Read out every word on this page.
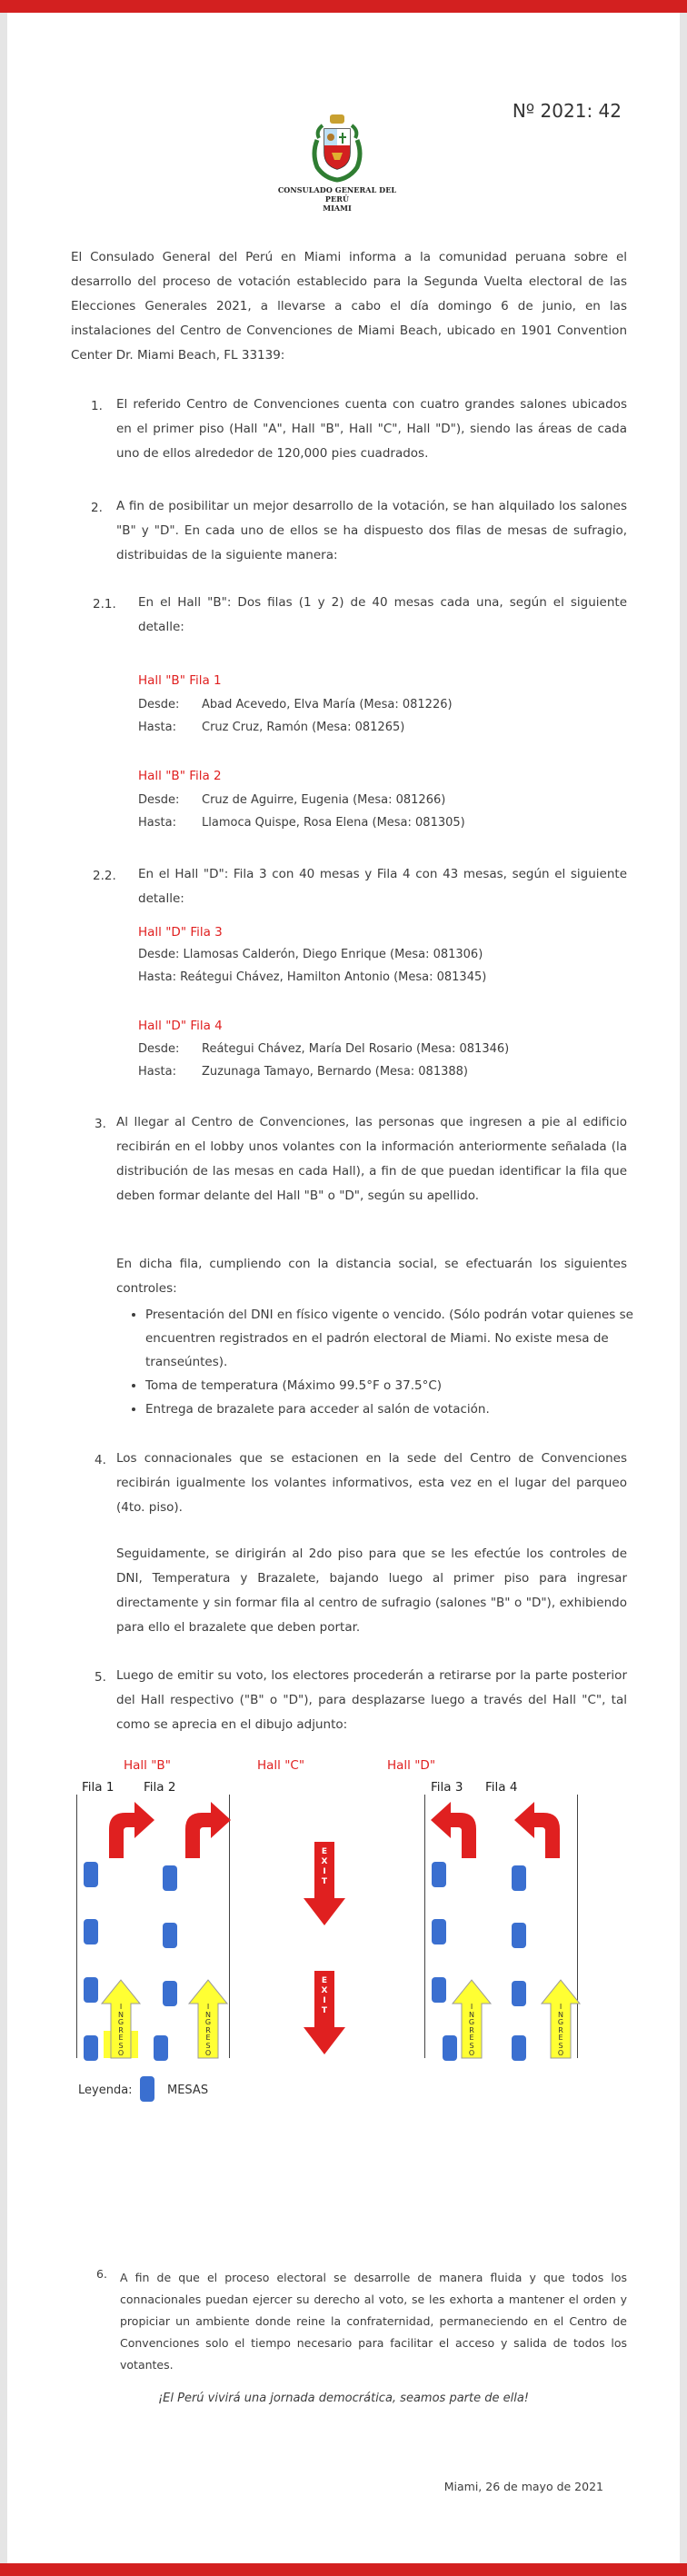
Nº 2021: 42
CONSULADO GENERAL DEL PERÚ
MIAMI
El Consulado General del Perú en Miami informa a la comunidad peruana sobre el desarrollo del proceso de votación establecido para la Segunda Vuelta electoral de las Elecciones Generales 2021, a llevarse a cabo el día domingo 6 de junio, en las instalaciones del Centro de Convenciones de Miami Beach, ubicado en 1901 Convention Center Dr. Miami Beach, FL 33139:
1. El referido Centro de Convenciones cuenta con cuatro grandes salones ubicados en el primer piso (Hall "A", Hall "B", Hall "C", Hall "D"), siendo las áreas de cada uno de ellos alrededor de 120,000 pies cuadrados.
2. A fin de posibilitar un mejor desarrollo de la votación, se han alquilado los salones "B" y "D". En cada uno de ellos se ha dispuesto dos filas de mesas de sufragio, distribuidas de la siguiente manera:
2.1. En el Hall "B": Dos filas (1 y 2) de 40 mesas cada una, según el siguiente detalle:
Hall "B" Fila 1
Desde: Abad Acevedo, Elva María (Mesa: 081226)
Hasta: Cruz Cruz, Ramón (Mesa: 081265)
Hall "B" Fila 2
Desde: Cruz de Aguirre, Eugenia (Mesa: 081266)
Hasta: Llamoca Quispe, Rosa Elena (Mesa: 081305)
2.2. En el Hall "D": Fila 3 con 40 mesas y Fila 4 con 43 mesas, según el siguiente detalle:
Hall "D" Fila 3
Desde: Llamosas Calderón, Diego Enrique (Mesa: 081306)
Hasta: Reátegui Chávez, Hamilton Antonio (Mesa: 081345)
Hall "D" Fila 4
Desde: Reátegui Chávez, María Del Rosario (Mesa: 081346)
Hasta: Zuzunaga Tamayo, Bernardo (Mesa: 081388)
3. Al llegar al Centro de Convenciones, las personas que ingresen a pie al edificio recibirán en el lobby unos volantes con la información anteriormente señalada (la distribución de las mesas en cada Hall), a fin de que puedan identificar la fila que deben formar delante del Hall "B" o "D", según su apellido.
En dicha fila, cumpliendo con la distancia social, se efectuarán los siguientes controles:
• Presentación del DNI en físico vigente o vencido. (Sólo podrán votar quienes se encuentren registrados en el padrón electoral de Miami. No existe mesa de transeúntes).
• Toma de temperatura (Máximo 99.5°F o 37.5°C)
• Entrega de brazalete para acceder al salón de votación.
4. Los connacionales que se estacionen en la sede del Centro de Convenciones recibirán igualmente los volantes informativos, esta vez en el lugar del parqueo (4to. piso).
Seguidamente, se dirigirán al 2do piso para que se les efectúe los controles de DNI, Temperatura y Brazalete, bajando luego al primer piso para ingresar directamente y sin formar fila al centro de sufragio (salones "B" o "D"), exhibiendo para ello el brazalete que deben portar.
5. Luego de emitir su voto, los electores procederán a retirarse por la parte posterior del Hall respectivo ("B" o "D"), para desplazarse luego a través del Hall "C", tal como se aprecia en el dibujo adjunto:
Hall "B"	Hall "C"	Hall "D"
Fila 1 Fila 2	Fila 3 Fila 4
EXIT
EXIT
INGRESO
INGRESO
INGRESO
INGRESO
Leyenda:	MESAS
6. A fin de que el proceso electoral se desarrolle de manera fluida y que todos los connacionales puedan ejercer su derecho al voto, se les exhorta a mantener el orden y propiciar un ambiente donde reine la confraternidad, permaneciendo en el Centro de Convenciones solo el tiempo necesario para facilitar el acceso y salida de todos los votantes.
¡El Perú vivirá una jornada democrática, seamos parte de ella!
Miami, 26 de mayo de 2021
